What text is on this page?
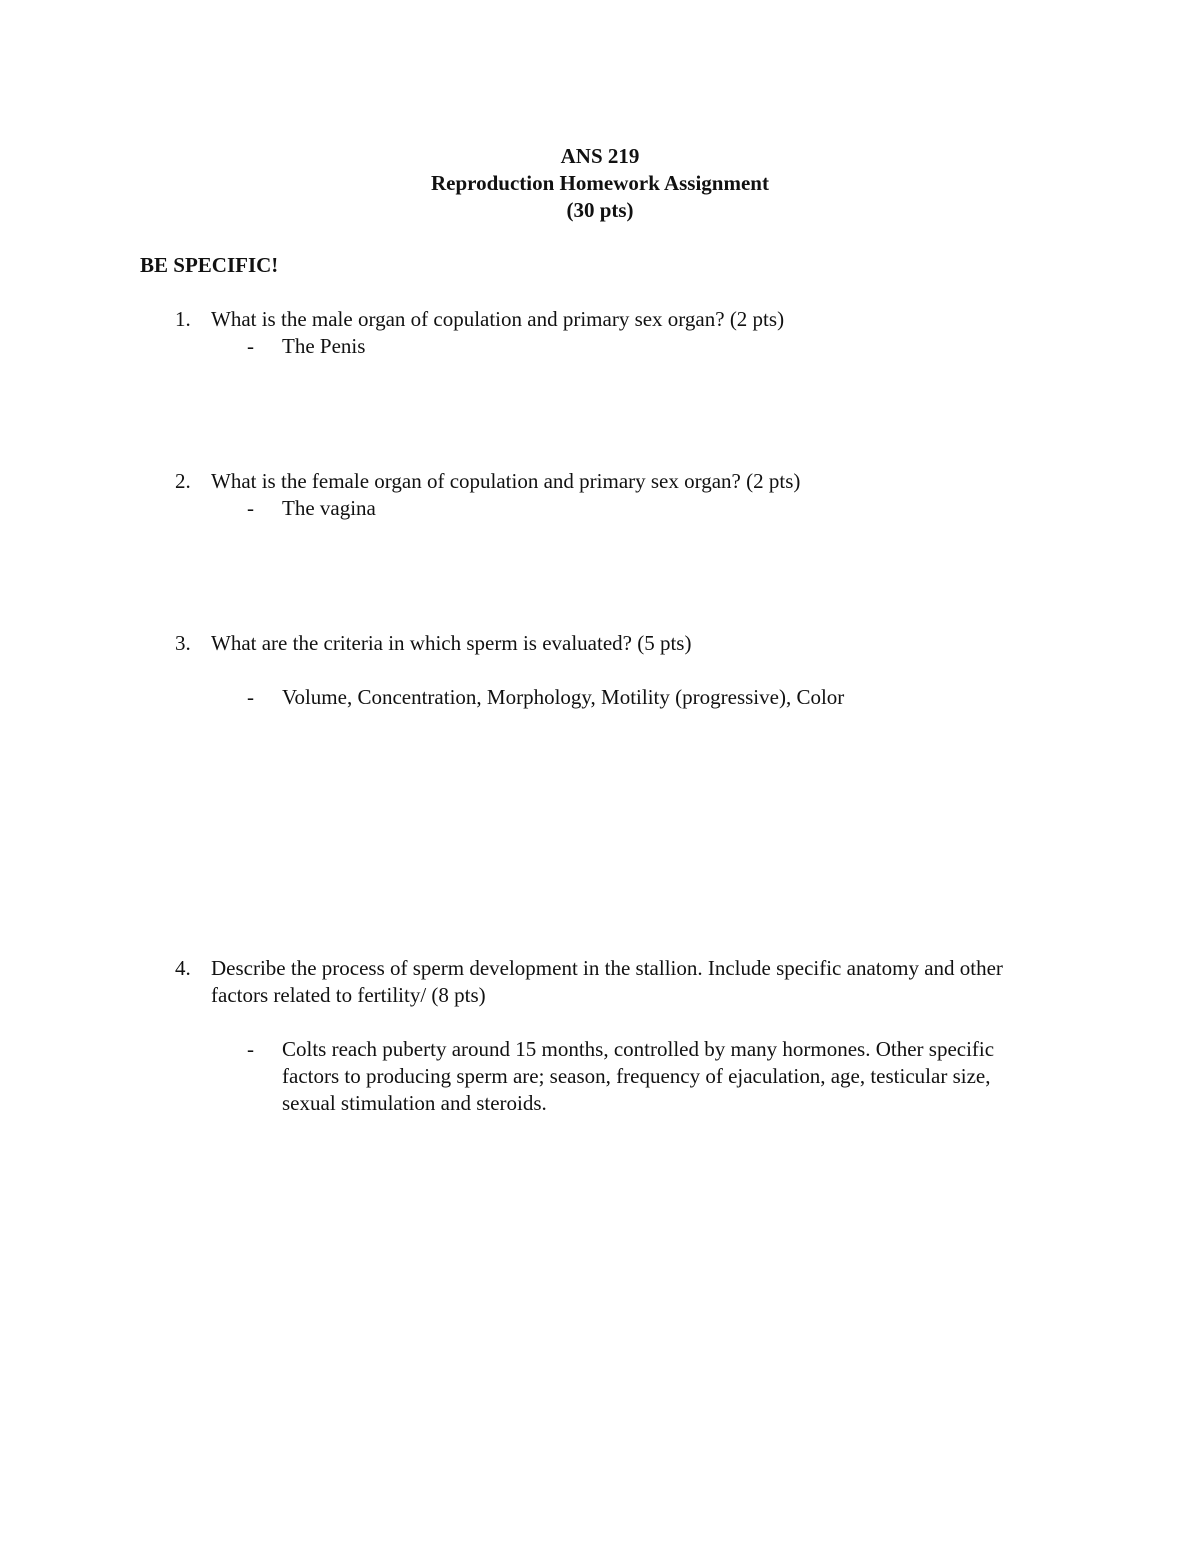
ANS 219
Reproduction Homework Assignment
(30 pts)
BE SPECIFIC!
1. What is the male organ of copulation and primary sex organ? (2 pts)
- The Penis
2. What is the female organ of copulation and primary sex organ? (2 pts)
- The vagina
3. What are the criteria in which sperm is evaluated? (5 pts)
- Volume, Concentration, Morphology, Motility (progressive), Color
4. Describe the process of sperm development in the stallion. Include specific anatomy and other factors related to fertility/ (8 pts)
- Colts reach puberty around 15 months, controlled by many hormones. Other specific factors to producing sperm are; season, frequency of ejaculation, age, testicular size, sexual stimulation and steroids.
